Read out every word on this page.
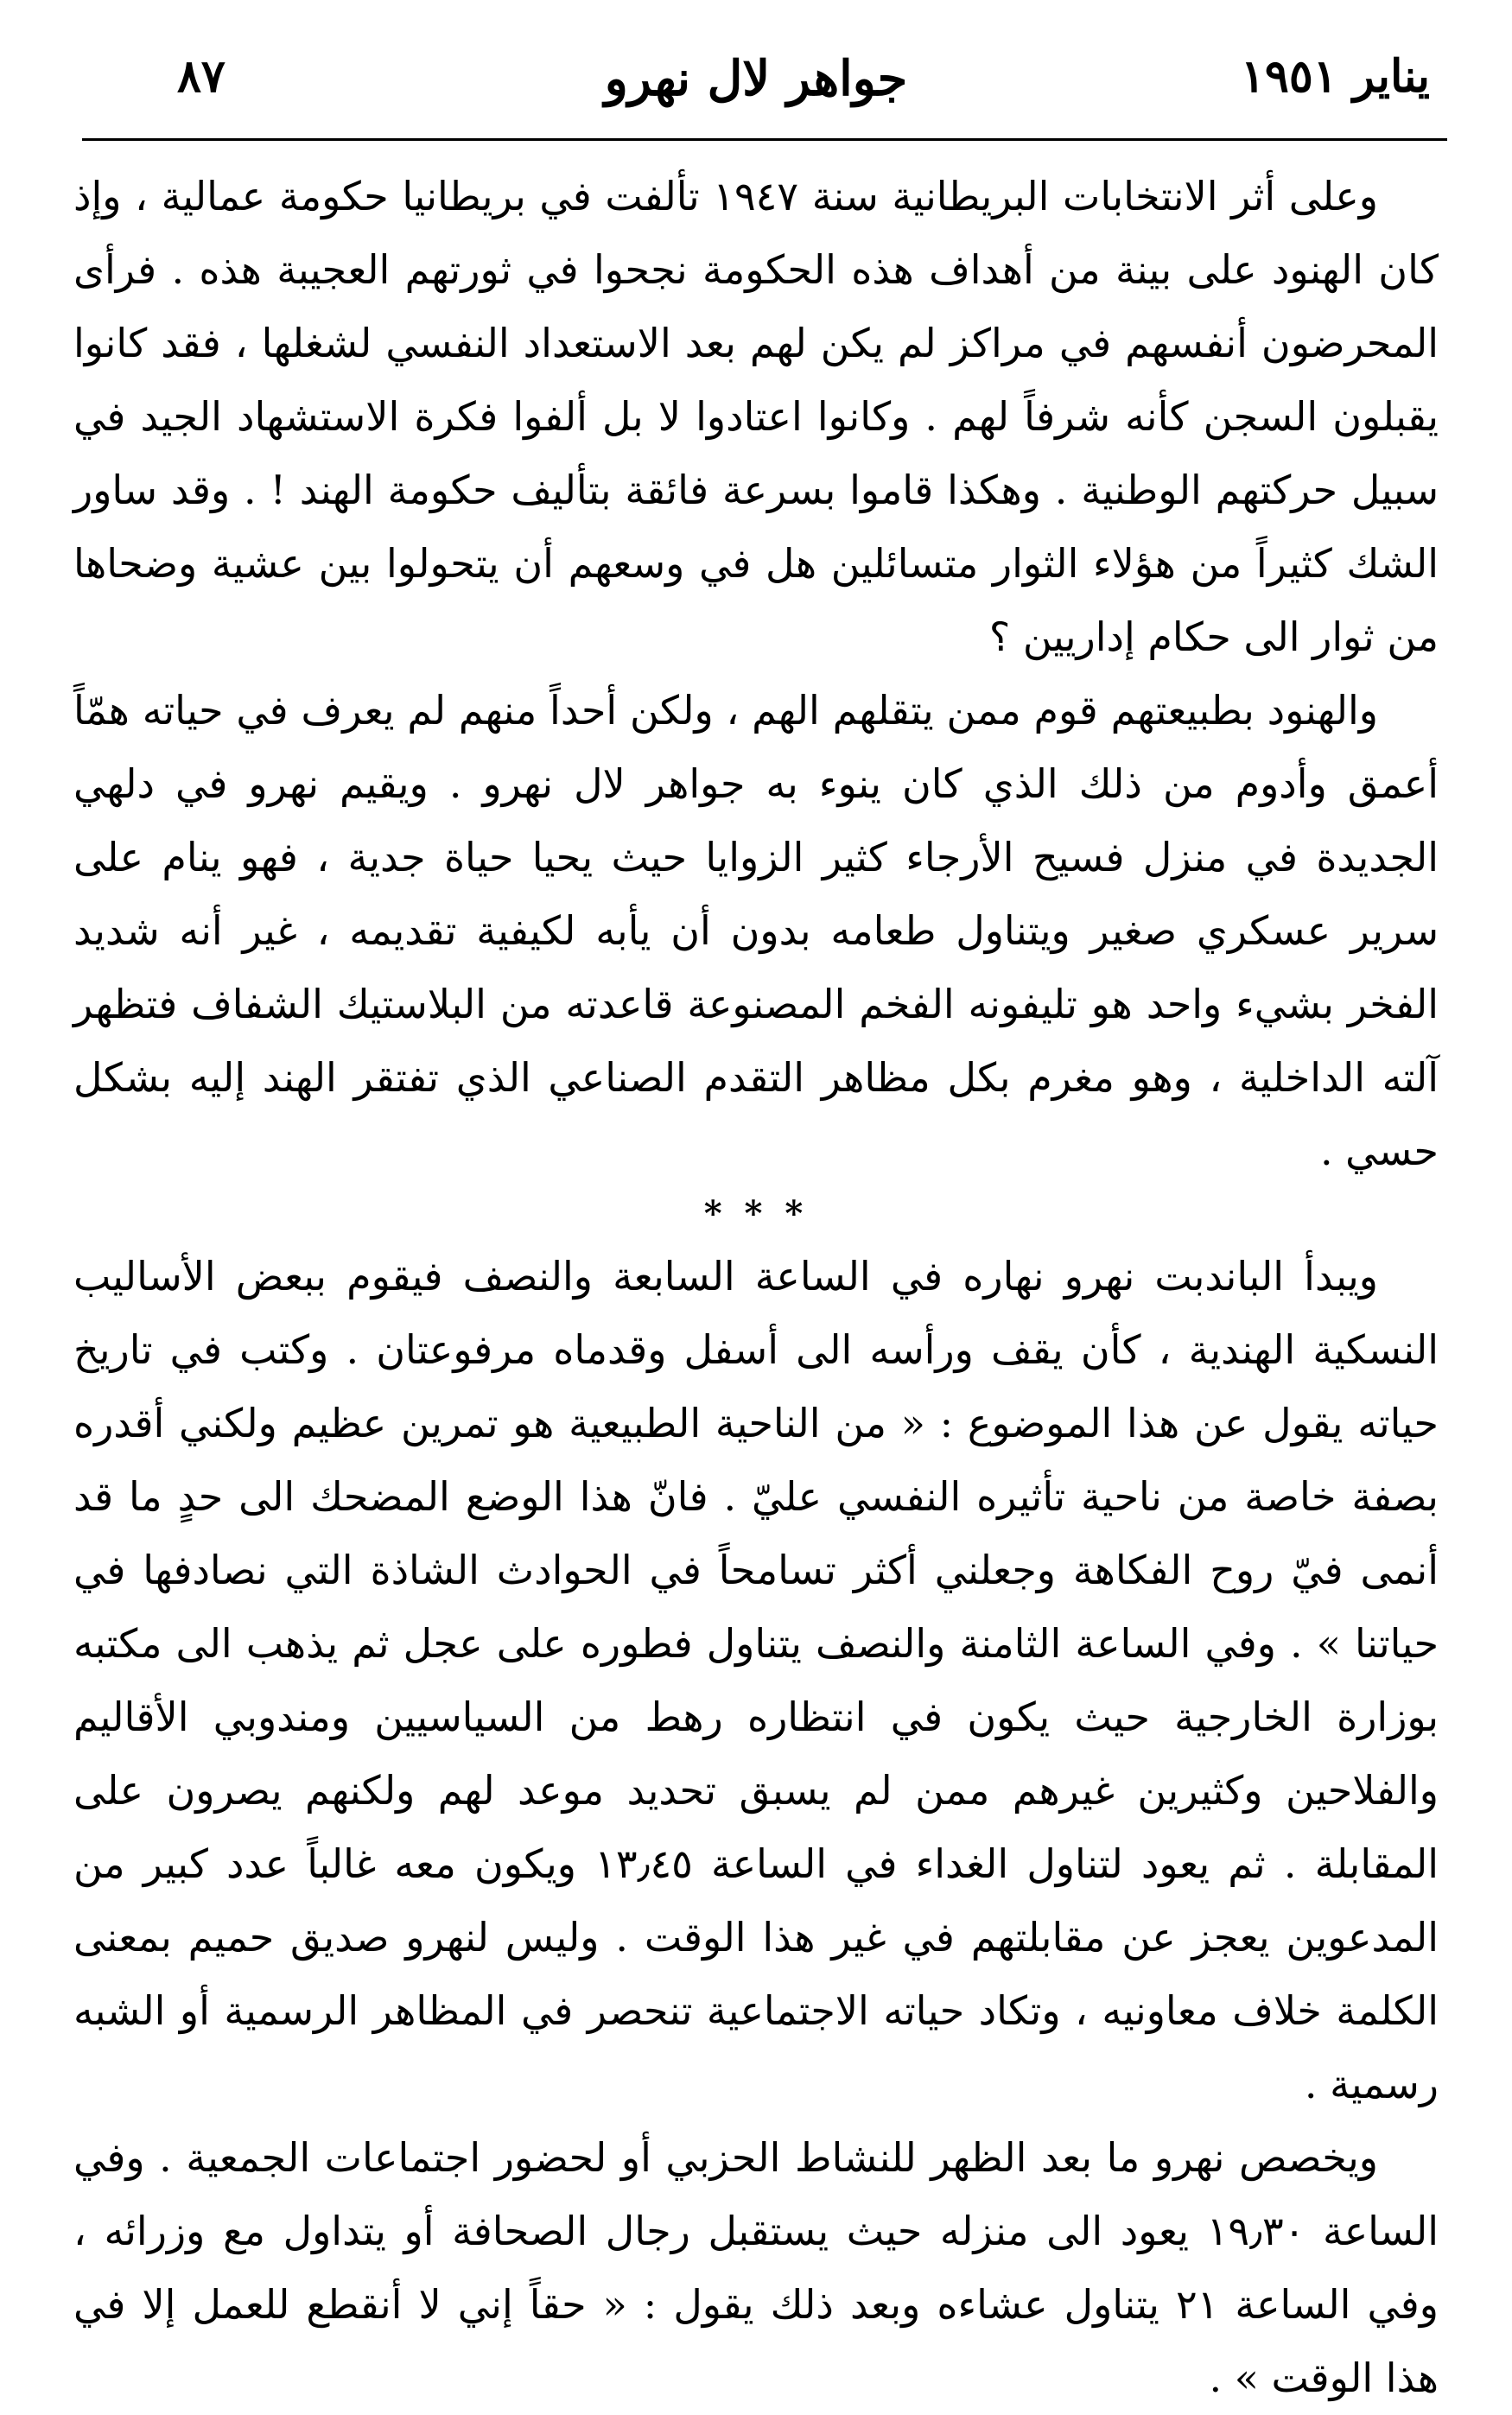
يناير ١٩٥١
جواهر لال نهرو
٨٧

وعلى أثر الانتخابات البريطانية سنة ١٩٤٧ تألفت في بريطانيا حكومة عمالية ، وإذ كان الهنود على بينة من أهداف هذه الحكومة نجحوا في ثورتهم العجيبة هذه . فرأى المحرضون أنفسهم في مراكز لم يكن لهم بعد الاستعداد النفسي لشغلها ، فقد كانوا يقبلون السجن كأنه شرفاً لهم . وكانوا اعتادوا لا بل ألفوا فكرة الاستشهاد الجيد في سبيل حركتهم الوطنية . وهكذا قاموا بسرعة فائقة بتأليف حكومة الهند ! . وقد ساور الشك كثيراً من هؤلاء الثوار متسائلين هل في وسعهم أن يتحولوا بين عشية وضحاها من ثوار الى حكام إداريين ؟

والهنود بطبيعتهم قوم ممن يتقلهم الهم ، ولكن أحداً منهم لم يعرف في حياته همّاً أعمق وأدوم من ذلك الذي كان ينوء به جواهر لال نهرو . ويقيم نهرو في دلهي الجديدة في منزل فسيح الأرجاء كثير الزوايا حيث يحيا حياة جدية ، فهو ينام على سرير عسكري صغير ويتناول طعامه بدون أن يأبه لكيفية تقديمه ، غير أنه شديد الفخر بشيء واحد هو تليفونه الفخم المصنوعة قاعدته من البلاستيك الشفاف فتظهر آلته الداخلية ، وهو مغرم بكل مظاهر التقدم الصناعي الذي تفتقر الهند إليه بشكل حسي .

* * *

ويبدأ الباندبت نهرو نهاره في الساعة السابعة والنصف فيقوم ببعض الأساليب النسكية الهندية ، كأن يقف ورأسه الى أسفل وقدماه مرفوعتان . وكتب في تاريخ حياته يقول عن هذا الموضوع : « من الناحية الطبيعية هو تمرين عظيم ولكني أقدره بصفة خاصة من ناحية تأثيره النفسي عليّ . فانّ هذا الوضع المضحك الى حدٍ ما قد أنمى فيّ روح الفكاهة وجعلني أكثر تسامحاً في الحوادث الشاذة التي نصادفها في حياتنا » . وفي الساعة الثامنة والنصف يتناول فطوره على عجل ثم يذهب الى مكتبه بوزارة الخارجية حيث يكون في انتظاره رهط من السياسيين ومندوبي الأقاليم والفلاحين وكثيرين غيرهم ممن لم يسبق تحديد موعد لهم ولكنهم يصرون على المقابلة . ثم يعود لتناول الغداء في الساعة ١٣٫٤٥ ويكون معه غالباً عدد كبير من المدعوين يعجز عن مقابلتهم في غير هذا الوقت . وليس لنهرو صديق حميم بمعنى الكلمة خلاف معاونيه ، وتكاد حياته الاجتماعية تنحصر في المظاهر الرسمية أو الشبه رسمية .

ويخصص نهرو ما بعد الظهر للنشاط الحزبي أو لحضور اجتماعات الجمعية . وفي الساعة ١٩٫٣٠ يعود الى منزله حيث يستقبل رجال الصحافة أو يتداول مع وزرائه ، وفي الساعة ٢١ يتناول عشاءه وبعد ذلك يقول : « حقاً إني لا أنقطع للعمل إلا في هذا الوقت » .
